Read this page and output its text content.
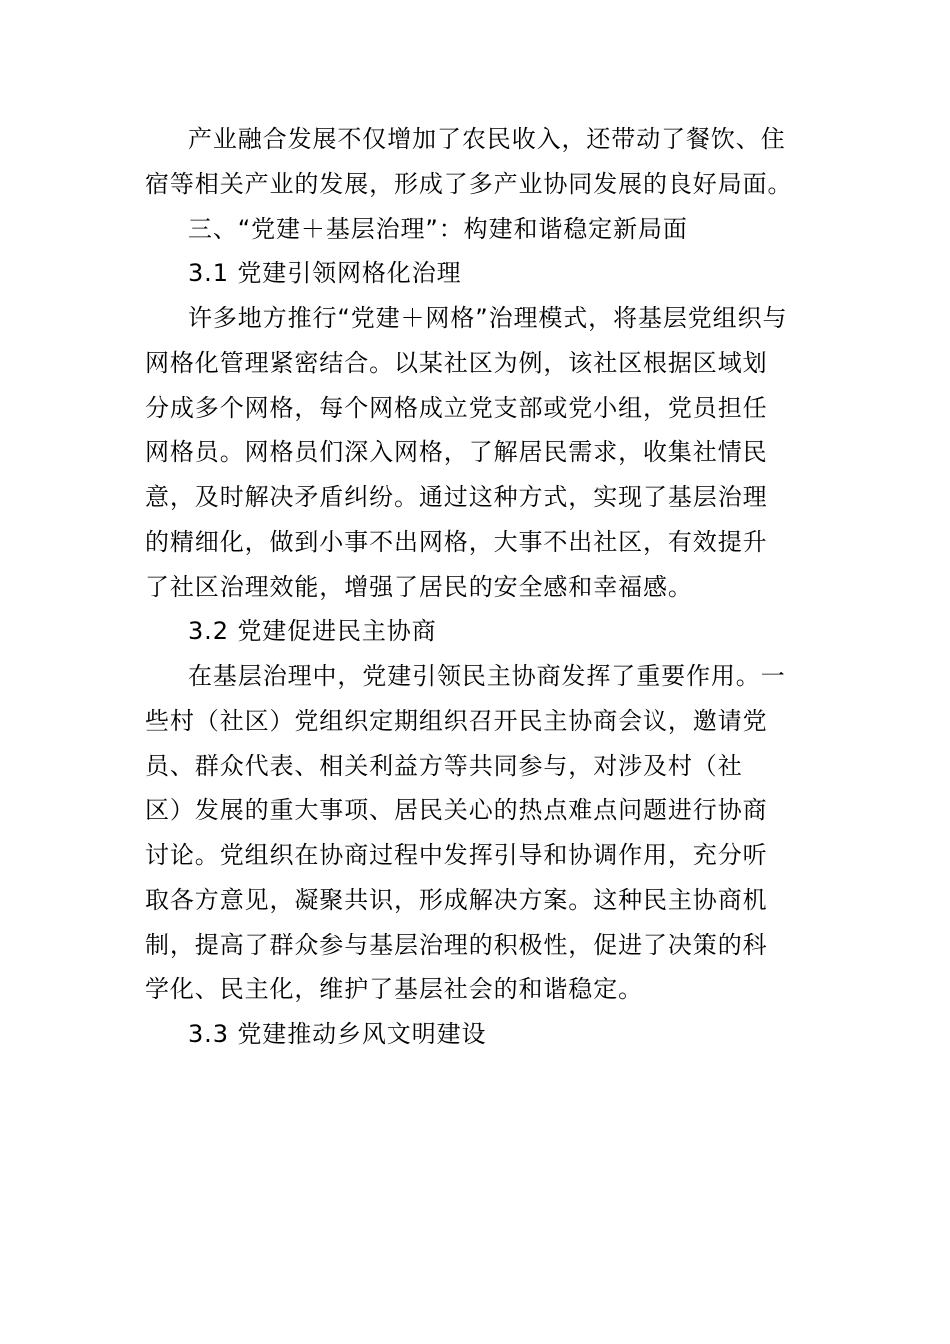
产业融合发展不仅增加了农民收入，还带动了餐饮、住
宿等相关产业的发展，形成了多产业协同发展的良好局面。
三、“党建＋基层治理”：构建和谐稳定新局面
3.1 党建引领网格化治理
许多地方推行“党建＋网格”治理模式，将基层党组织与
网格化管理紧密结合。以某社区为例，该社区根据区域划
分成多个网格，每个网格成立党支部或党小组，党员担任
网格员。网格员们深入网格，了解居民需求，收集社情民
意，及时解决矛盾纠纷。通过这种方式，实现了基层治理
的精细化，做到小事不出网格，大事不出社区，有效提升
了社区治理效能，增强了居民的安全感和幸福感。
3.2 党建促进民主协商
在基层治理中，党建引领民主协商发挥了重要作用。一
些村（社区）党组织定期组织召开民主协商会议，邀请党
员、群众代表、相关利益方等共同参与，对涉及村（社
区）发展的重大事项、居民关心的热点难点问题进行协商
讨论。党组织在协商过程中发挥引导和协调作用，充分听
取各方意见，凝聚共识，形成解决方案。这种民主协商机
制，提高了群众参与基层治理的积极性，促进了决策的科
学化、民主化，维护了基层社会的和谐稳定。
3.3 党建推动乡风文明建设
